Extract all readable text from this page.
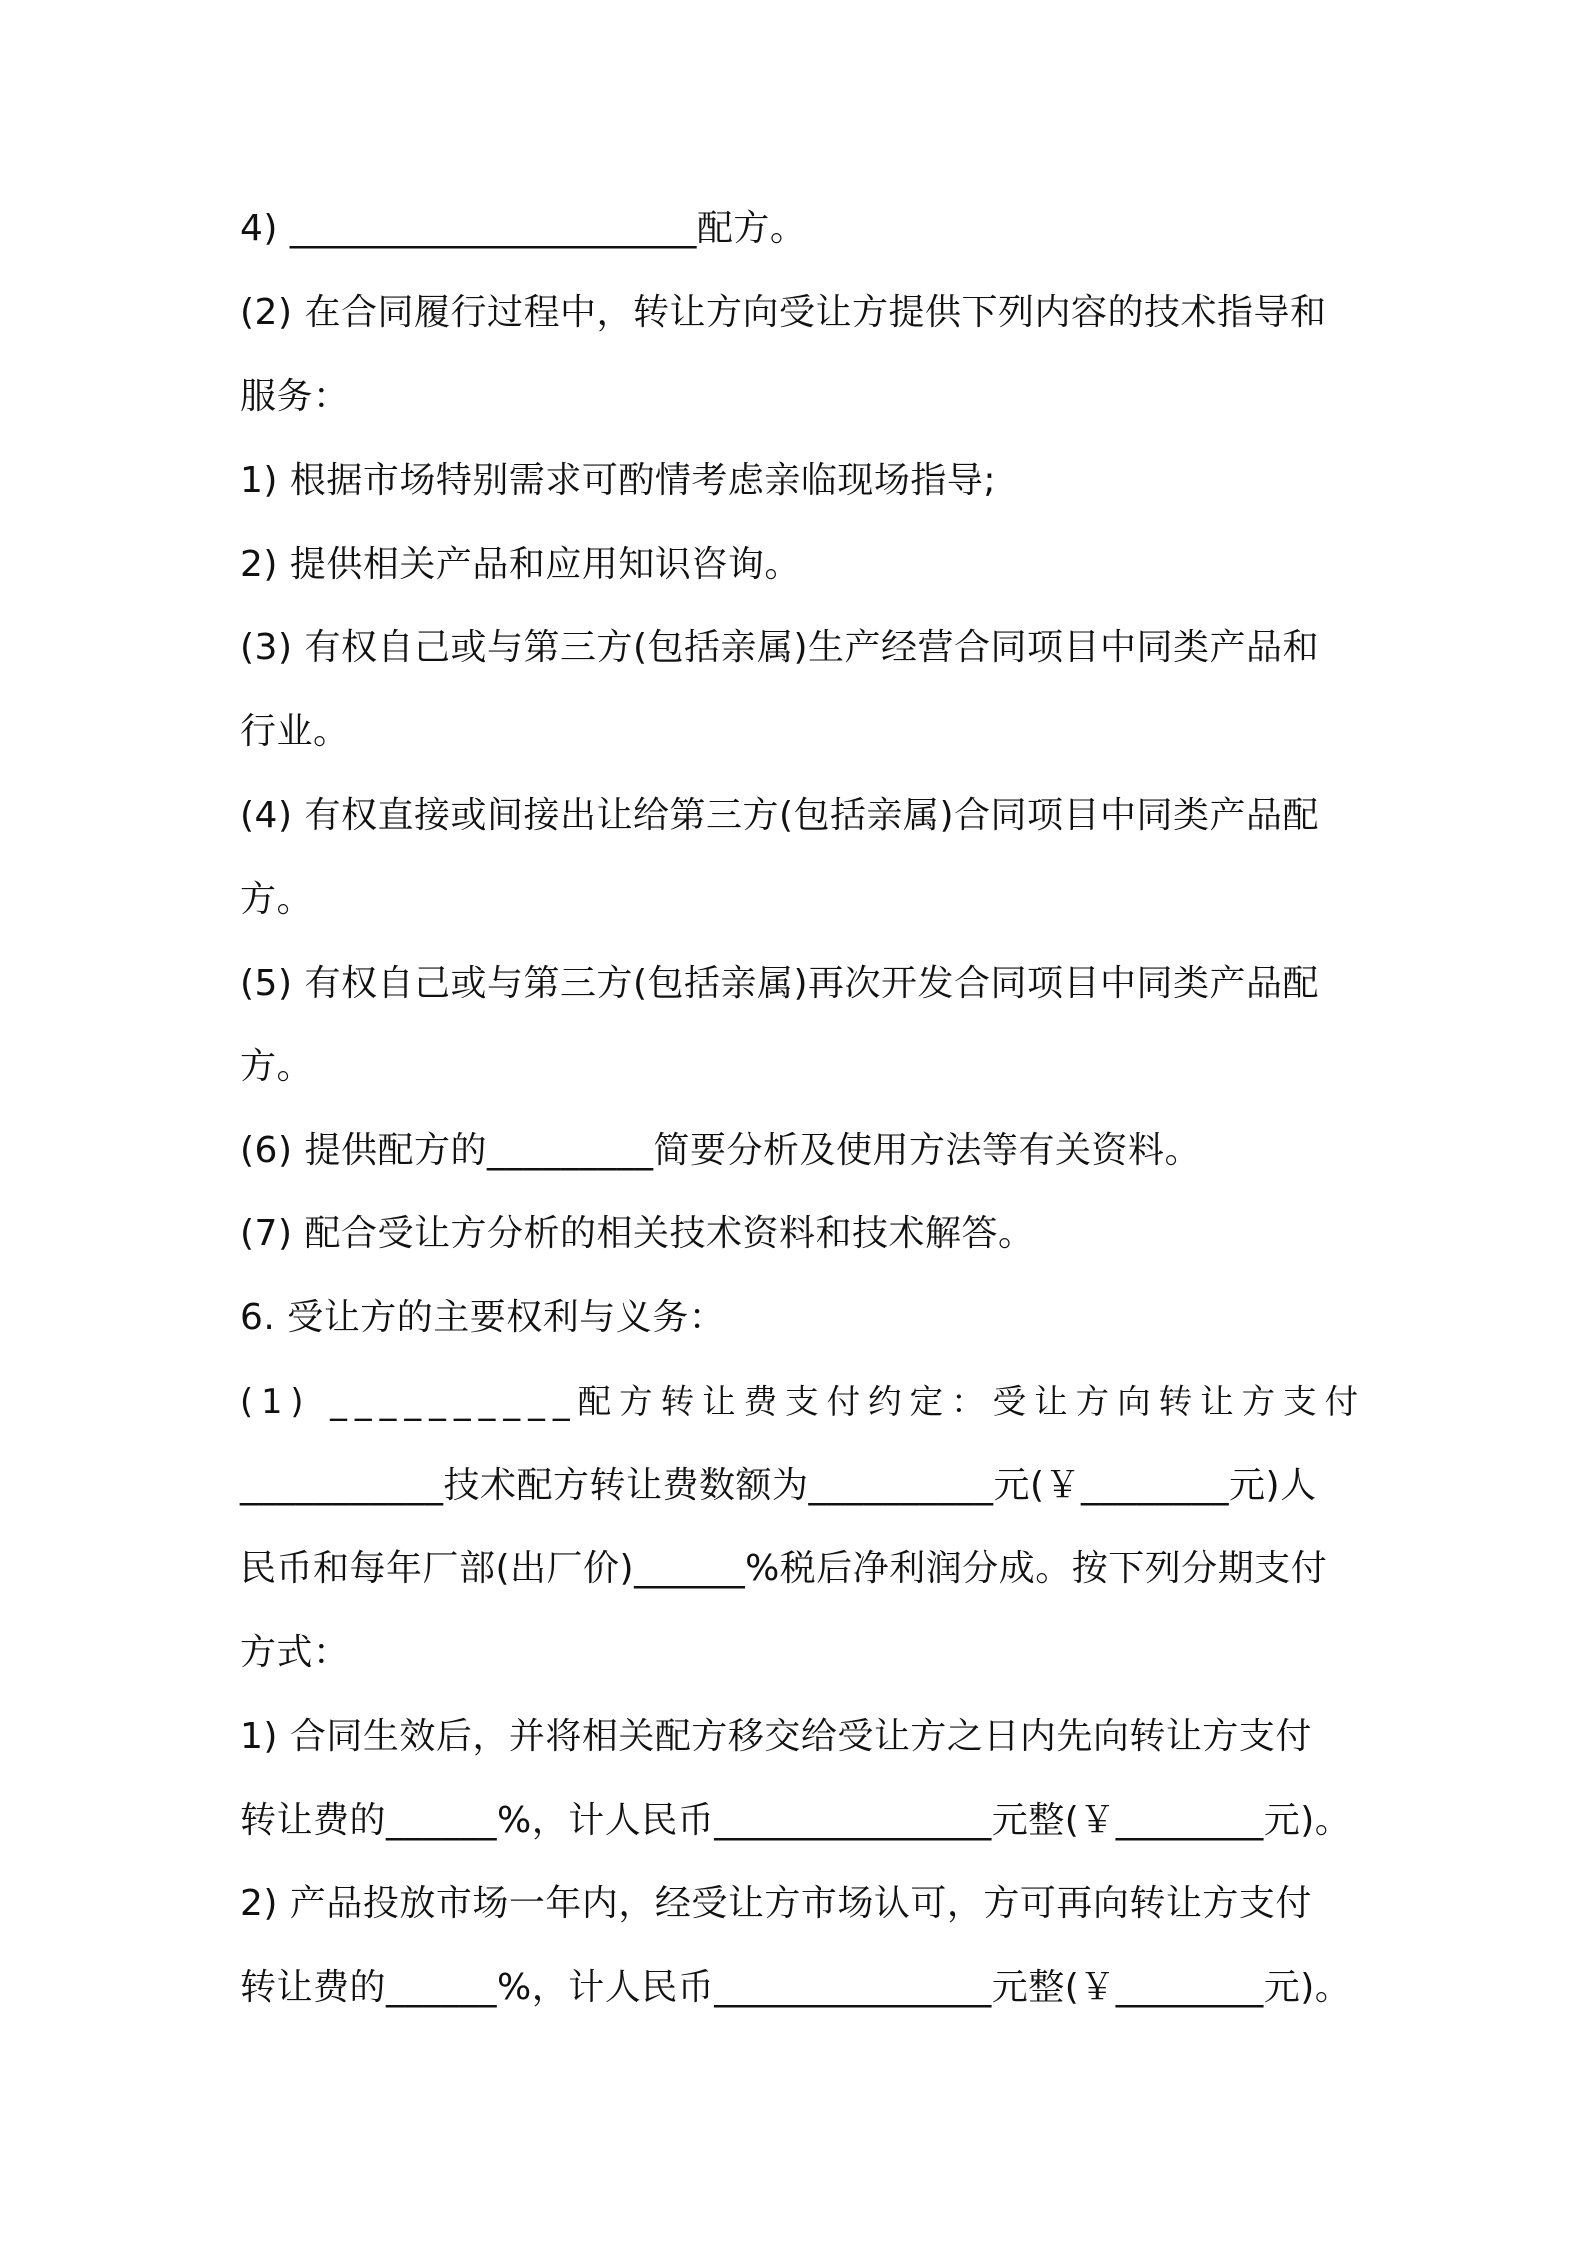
4) ______________________配方。
(2) 在合同履行过程中，转让方向受让方提供下列内容的技术指导和
服务：
1) 根据市场特别需求可酌情考虑亲临现场指导;
2) 提供相关产品和应用知识咨询。
(3) 有权自己或与第三方(包括亲属)生产经营合同项目中同类产品和
行业。
(4) 有权直接或间接出让给第三方(包括亲属)合同项目中同类产品配
方。
(5) 有权自己或与第三方(包括亲属)再次开发合同项目中同类产品配
方。
(6) 提供配方的_________简要分析及使用方法等有关资料。
(7) 配合受让方分析的相关技术资料和技术解答。
6. 受让方的主要权利与义务：
(1) __________配方转让费支付约定：受让方向转让方支付
___________技术配方转让费数额为__________元(￥________元)人
民币和每年厂部(出厂价)______%税后净利润分成。按下列分期支付
方式：
1) 合同生效后，并将相关配方移交给受让方之日内先向转让方支付
转让费的______%，计人民币_______________元整(￥________元)。
2) 产品投放市场一年内，经受让方市场认可，方可再向转让方支付
转让费的______%，计人民币_______________元整(￥________元)。
